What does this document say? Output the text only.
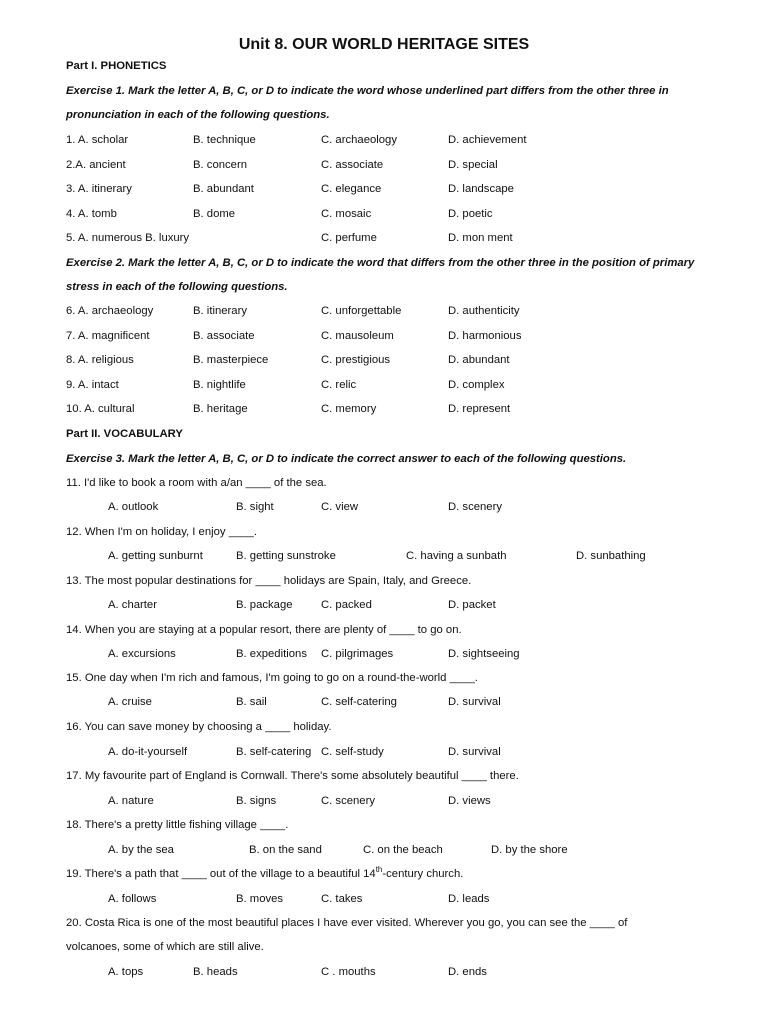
Unit 8. OUR WORLD HERITAGE SITES
Part I. PHONETICS
Exercise 1. Mark the letter A, B, C, or D to indicate the word whose underlined part differs from the other three in
pronunciation in each of the following questions.
1. A. scholar	B. technique	C. archaeology	D. achievement
2.A. ancient	B. concern	C. associate	D. special
3. A. itinerary	B. abundant	C. elegance	D. landscape
4. A. tomb	B. dome	C. mosaic	D. poetic
5. A. numerous B. luxury	C. perfume	D. mon ment
Exercise 2. Mark the letter A, B, C, or D to indicate the word that differs from the other three in the position of primary
stress in each of the following questions.
6. A. archaeology	B. itinerary	C. unforgettable	D. authenticity
7. A. magnificent	B. associate	C. mausoleum	D. harmonious
8. A. religious	B. masterpiece	C. prestigious	D. abundant
9. A. intact	B. nightlife	C. relic	D. complex
10. A. cultural	B. heritage	C. memory	D. represent
Part II. VOCABULARY
Exercise 3. Mark the letter A, B, C, or D to indicate the correct answer to each of the following questions.
11. I'd like to book a room with a/an ____ of the sea.
A. outlook	B. sight	C. view	D. scenery
12. When I'm on holiday, I enjoy ____.
A. getting sunburnt	B. getting sunstroke	C. having a sunbath	D. sunbathing
13. The most popular destinations for ____ holidays are Spain, Italy, and Greece.
A. charter	B. package	C. packed	D. packet
14. When you are staying at a popular resort, there are plenty of ____ to go on.
A. excursions	B. expeditions C. pilgrimages	D. sightseeing
15. One day when I'm rich and famous, I'm going to go on a round-the-world ____.
A. cruise	B. sail	C. self-catering	D. survival
16. You can save money by choosing a ____ holiday.
A. do-it-yourself	B. self-catering C. self-study	D. survival
17. My favourite part of England is Cornwall. There's some absolutely beautiful ____ there.
A. nature	B. signs	C. scenery	D. views
18. There's a pretty little fishing village ____.
A. by the sea	B. on the sand	C. on the beach	D. by the shore
19. There's a path that ____ out of the village to a beautiful 14th-century church.
A. follows	B. moves	C. takes	D. leads
20. Costa Rica is one of the most beautiful places I have ever visited. Wherever you go, you can see the ____ of
volcanoes, some of which are still alive.
A. tops	B. heads	C . mouths	D. ends
